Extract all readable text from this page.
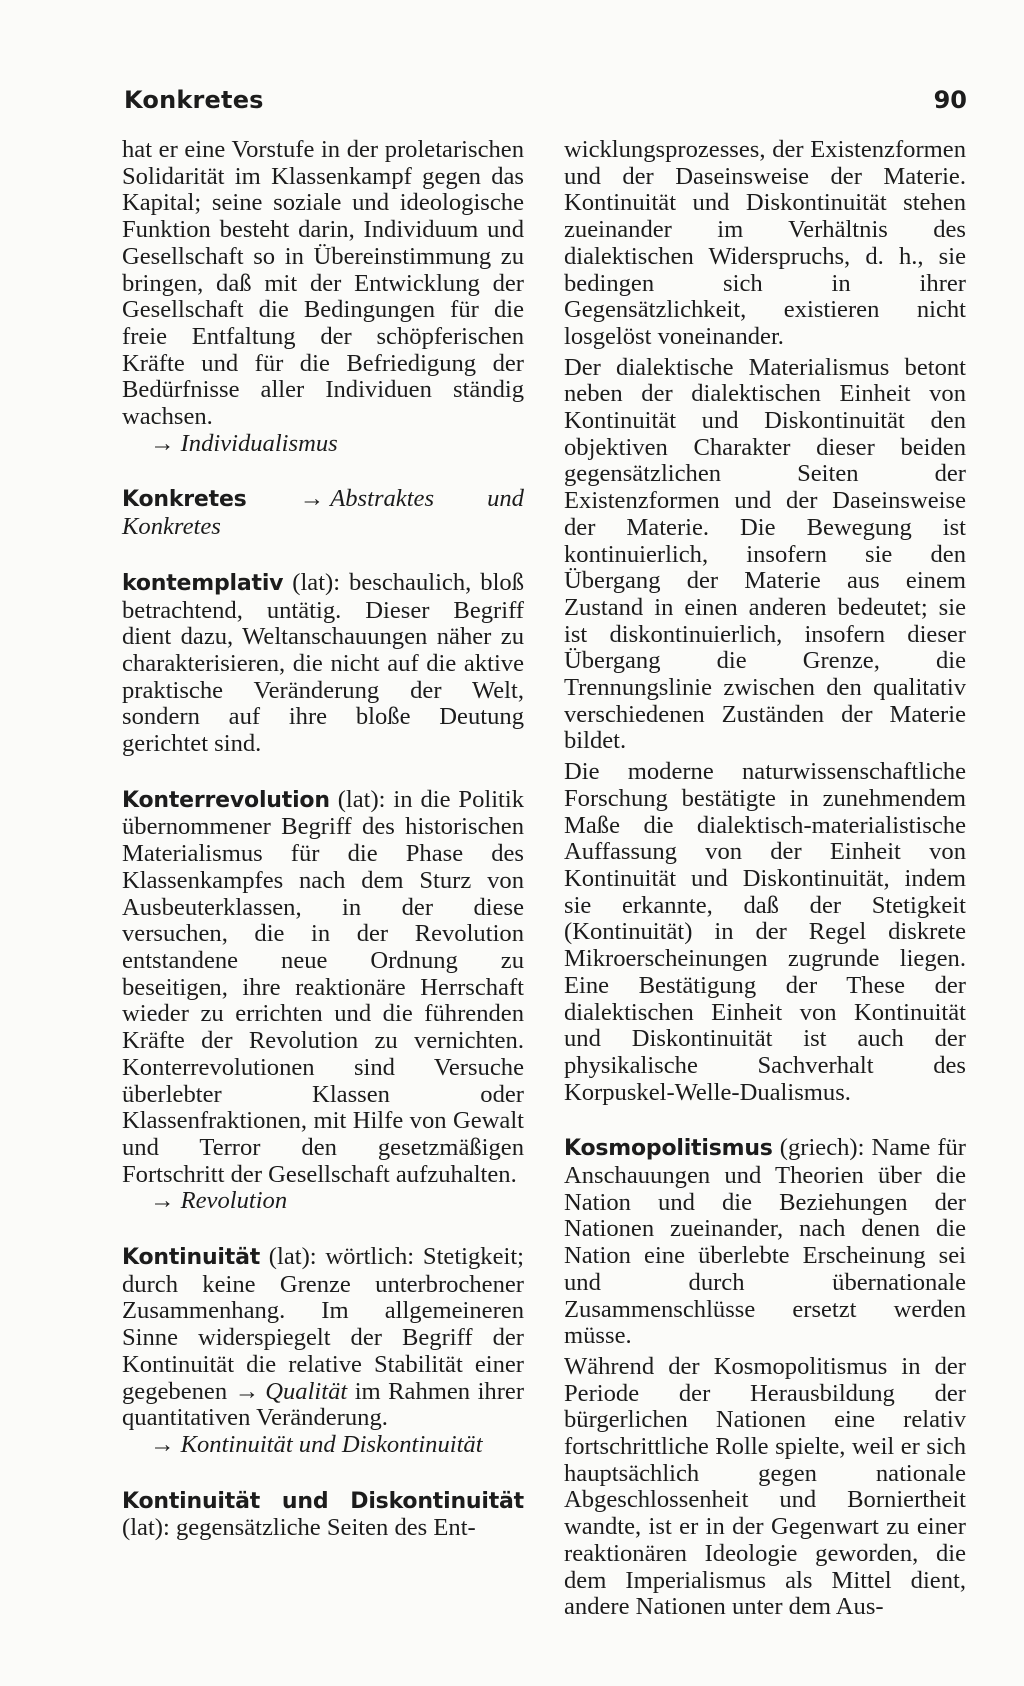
Konkretes	90

hat er eine Vorstufe in der proletarischen Solidarität im Klassenkampf gegen das Kapital; seine soziale und ideologische Funktion besteht darin, Individuum und Gesellschaft so in Übereinstimmung zu bringen, daß mit der Entwicklung der Gesellschaft die Bedingungen für die freie Entfaltung der schöpferischen Kräfte und für die Befriedigung der Bedürfnisse aller Individuen ständig wachsen.

→ Individualismus

Konkretes → Abstraktes und Konkretes

kontemplativ (lat): beschaulich, bloß betrachtend, untätig. Dieser Begriff dient dazu, Weltanschauungen näher zu charakterisieren, die nicht auf die aktive praktische Veränderung der Welt, sondern auf ihre bloße Deutung gerichtet sind.

Konterrevolution (lat): in die Politik übernommener Begriff des historischen Materialismus für die Phase des Klassenkampfes nach dem Sturz von Ausbeuterklassen, in der diese versuchen, die in der Revolution entstandene neue Ordnung zu beseitigen, ihre reaktionäre Herrschaft wieder zu errichten und die führenden Kräfte der Revolution zu vernichten. Konterrevolutionen sind Versuche überlebter Klassen oder Klassenfraktionen, mit Hilfe von Gewalt und Terror den gesetzmäßigen Fortschritt der Gesellschaft aufzuhalten.

→ Revolution

Kontinuität (lat): wörtlich: Stetigkeit; durch keine Grenze unterbrochener Zusammenhang. Im allgemeineren Sinne widerspiegelt der Begriff der Kontinuität die relative Stabilität einer gegebenen → Qualität im Rahmen ihrer quantitativen Veränderung.

→ Kontinuität und Diskontinuität

Kontinuität und Diskontinuität (lat): gegensätzliche Seiten des Ent-

wicklungsprozesses, der Existenzformen und der Daseinsweise der Materie. Kontinuität und Diskontinuität stehen zueinander im Verhältnis des dialektischen Widerspruchs, d. h., sie bedingen sich in ihrer Gegensätzlichkeit, existieren nicht losgelöst voneinander.

Der dialektische Materialismus betont neben der dialektischen Einheit von Kontinuität und Diskontinuität den objektiven Charakter dieser beiden gegensätzlichen Seiten der Existenzformen und der Daseinsweise der Materie. Die Bewegung ist kontinuierlich, insofern sie den Übergang der Materie aus einem Zustand in einen anderen bedeutet; sie ist diskontinuierlich, insofern dieser Übergang die Grenze, die Trennungslinie zwischen den qualitativ verschiedenen Zuständen der Materie bildet.

Die moderne naturwissenschaftliche Forschung bestätigte in zunehmendem Maße die dialektisch-materialistische Auffassung von der Einheit von Kontinuität und Diskontinuität, indem sie erkannte, daß der Stetigkeit (Kontinuität) in der Regel diskrete Mikroerscheinungen zugrunde liegen. Eine Bestätigung der These der dialektischen Einheit von Kontinuität und Diskontinuität ist auch der physikalische Sachverhalt des Korpuskel-Welle-Dualismus.

Kosmopolitismus (griech): Name für Anschauungen und Theorien über die Nation und die Beziehungen der Nationen zueinander, nach denen die Nation eine überlebte Erscheinung sei und durch übernationale Zusammenschlüsse ersetzt werden müsse.

Während der Kosmopolitismus in der Periode der Herausbildung der bürgerlichen Nationen eine relativ fortschrittliche Rolle spielte, weil er sich hauptsächlich gegen nationale Abgeschlossenheit und Borniertheit wandte, ist er in der Gegenwart zu einer reaktionären Ideologie geworden, die dem Imperialismus als Mittel dient, andere Nationen unter dem Aus-
